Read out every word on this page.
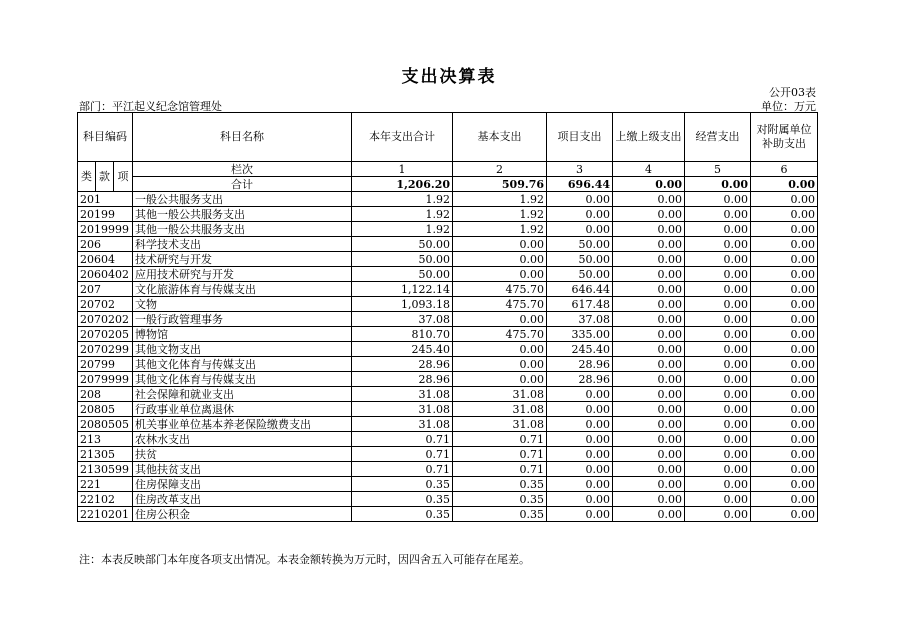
支出决算表
公开03表
部门：平江起义纪念馆管理处	单位：万元
科目编码			科目名称	本年支出合计	基本支出	项目支出	上缴上级支出	经营支出	对附属单位补助支出
类	款	项	栏次	1	2	3	4	5	6
			合计	1,206.20	509.76	696.44	0.00	0.00	0.00
201			一般公共服务支出	1.92	1.92	0.00	0.00	0.00	0.00
20199			其他一般公共服务支出	1.92	1.92	0.00	0.00	0.00	0.00
2019999			其他一般公共服务支出	1.92	1.92	0.00	0.00	0.00	0.00
206			科学技术支出	50.00	0.00	50.00	0.00	0.00	0.00
20604			技术研究与开发	50.00	0.00	50.00	0.00	0.00	0.00
2060402			应用技术研究与开发	50.00	0.00	50.00	0.00	0.00	0.00
207			文化旅游体育与传媒支出	1,122.14	475.70	646.44	0.00	0.00	0.00
20702			文物	1,093.18	475.70	617.48	0.00	0.00	0.00
2070202			一般行政管理事务	37.08	0.00	37.08	0.00	0.00	0.00
2070205			博物馆	810.70	475.70	335.00	0.00	0.00	0.00
2070299			其他文物支出	245.40	0.00	245.40	0.00	0.00	0.00
20799			其他文化体育与传媒支出	28.96	0.00	28.96	0.00	0.00	0.00
2079999			其他文化体育与传媒支出	28.96	0.00	28.96	0.00	0.00	0.00
208			社会保障和就业支出	31.08	31.08	0.00	0.00	0.00	0.00
20805			行政事业单位离退休	31.08	31.08	0.00	0.00	0.00	0.00
2080505			机关事业单位基本养老保险缴费支出	31.08	31.08	0.00	0.00	0.00	0.00
213			农林水支出	0.71	0.71	0.00	0.00	0.00	0.00
21305			扶贫	0.71	0.71	0.00	0.00	0.00	0.00
2130599			其他扶贫支出	0.71	0.71	0.00	0.00	0.00	0.00
221			住房保障支出	0.35	0.35	0.00	0.00	0.00	0.00
22102			住房改革支出	0.35	0.35	0.00	0.00	0.00	0.00
2210201			住房公积金	0.35	0.35	0.00	0.00	0.00	0.00
注：本表反映部门本年度各项支出情况。本表金额转换为万元时，因四舍五入可能存在尾差。
